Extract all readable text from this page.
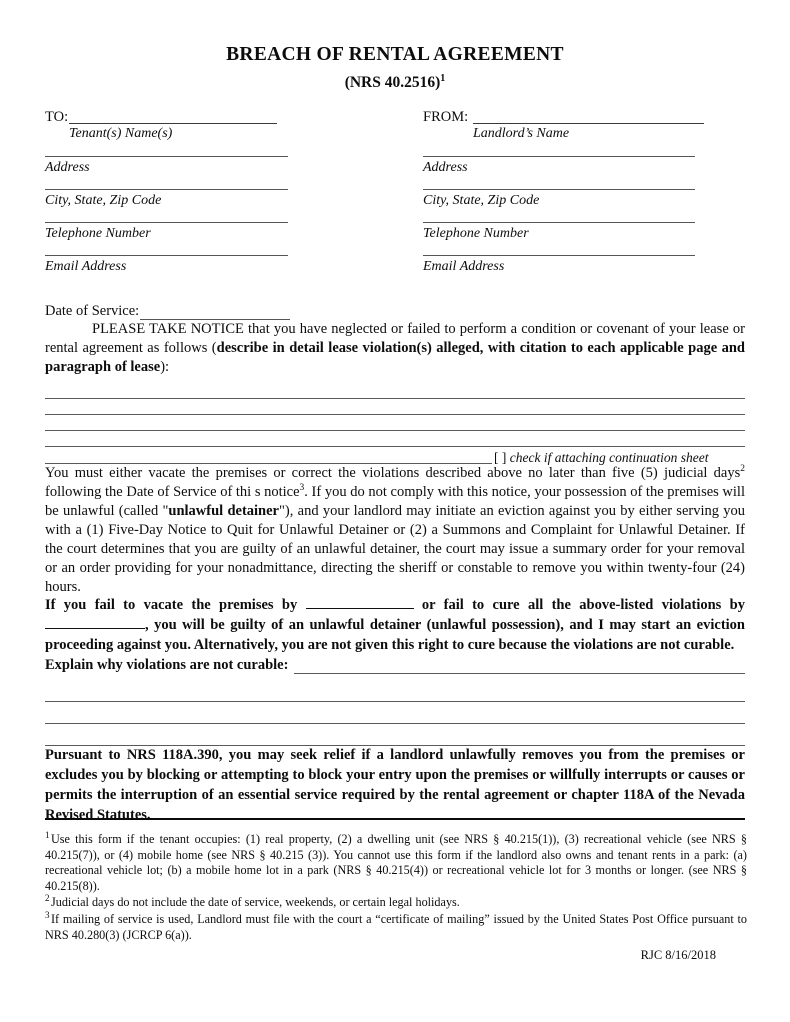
BREACH OF RENTAL AGREEMENT
(NRS 40.2516)$^1$
TO:
Tenant(s) Name(s)
Address
City, State, Zip Code
Telephone Number
Email Address
FROM:
Landlord’s Name
Address
City, State, Zip Code
Telephone Number
Email Address
Date of Service:

PLEASE TAKE NOTICE that you have neglected or failed to perform a condition or covenant of your lease or rental agreement as follows (describe in detail lease violation(s) alleged, with citation to each applicable page and paragraph of lease):

[ ] check if attaching continuation sheet

You must either vacate the premises or correct the violations described above no later than five (5) judicial days$^2$ following the Date of Service of thi s notice$^3$. If you do not comply with this notice, your possession of the premises will be unlawful (called "unlawful detainer"), and your landlord may initiate an eviction against you by either serving you with a (1) Five-Day Notice to Quit for Unlawful Detainer or (2) a Summons and Complaint for Unlawful Detainer. If the court determines that you are guilty of an unlawful detainer, the court may issue a summary order for your removal or an order providing for your nonadmittance, directing the sheriff or constable to remove you within twenty-four (24) hours.

If you fail to vacate the premises by	or fail to cure all the above-listed violations by, you will be guilty of an unlawful detainer (unlawful possession), and I may start an eviction proceeding against you. Alternatively, you are not given this right to cure because the violations are not curable.

Explain why violations are not curable:

Pursuant to NRS 118A.390, you may seek relief if a landlord unlawfully removes you from the premises or excludes you by blocking or attempting to block your entry upon the premises or willfully interrupts or causes or permits the interruption of an essential service required by the rental agreement or chapter 118A of the Nevada Revised Statutes.

$^1$ Use this form if the tenant occupies: (1) real property, (2) a dwelling unit (see NRS § 40.215(1)), (3) recreational vehicle (see NRS § 40.215(7)), or (4) mobile home (see NRS § 40.215 (3)). You cannot use this form if the landlord also owns and tenant rents in a park: (a) recreational vehicle lot; (b) a mobile home lot in a park (NRS § 40.215(4)) or recreational vehicle lot for 3 months or longer. (see NRS § 40.215(8)).

$^2$ Judicial days do not include the date of service, weekends, or certain legal holidays.

$^3$ If mailing of service is used, Landlord must file with the court a “certificate of mailing” issued by the United States Post Office pursuant to NRS 40.280(3) (JCRCP 6(a)).

RJC 8/16/2018
